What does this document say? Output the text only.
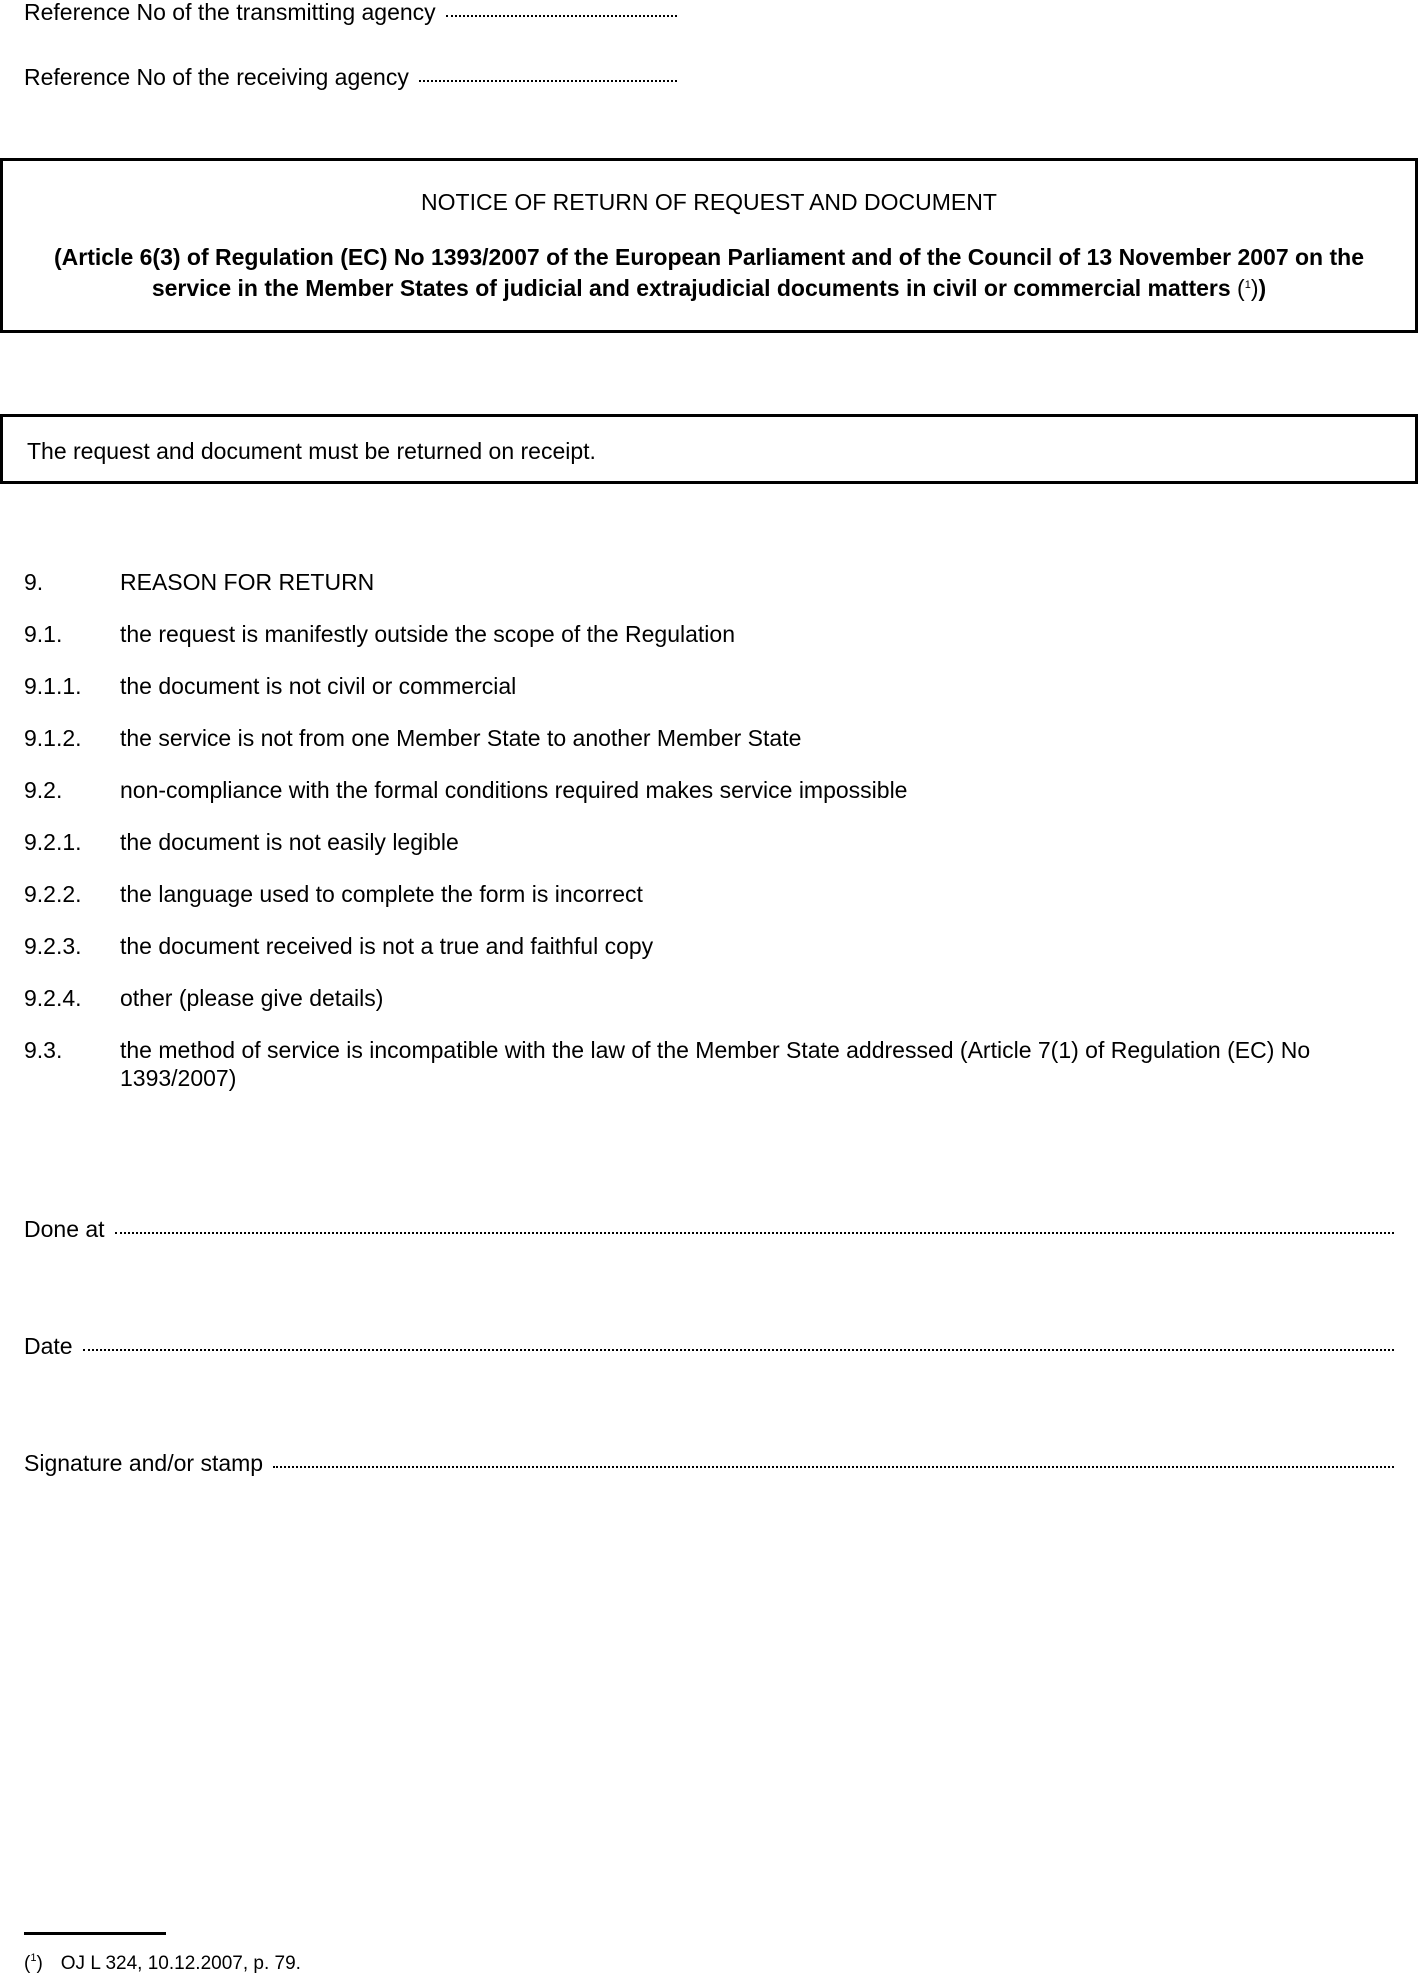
Reference No of the transmitting agency
Reference No of the receiving agency
NOTICE OF RETURN OF REQUEST AND DOCUMENT
(Article 6(3) of Regulation (EC) No 1393/2007 of the European Parliament and of the Council of 13 November 2007 on the service in the Member States of judicial and extrajudicial documents in civil or commercial matters ($^1$))
The request and document must be returned on receipt.
9.	REASON FOR RETURN
9.1.	the request is manifestly outside the scope of the Regulation
9.1.1. the document is not civil or commercial
9.1.2. the service is not from one Member State to another Member State
9.2.	non-compliance with the formal conditions required makes service impossible
9.2.1. the document is not easily legible
9.2.2. the language used to complete the form is incorrect
9.2.3. the document received is not a true and faithful copy
9.2.4. other (please give details)
9.3.	the method of service is incompatible with the law of the Member State addressed (Article 7(1) of Regulation (EC) No 1393/2007)
Done at
Date
Signature and/or stamp
($^1$) OJ L 324, 10.12.2007, p. 79.
